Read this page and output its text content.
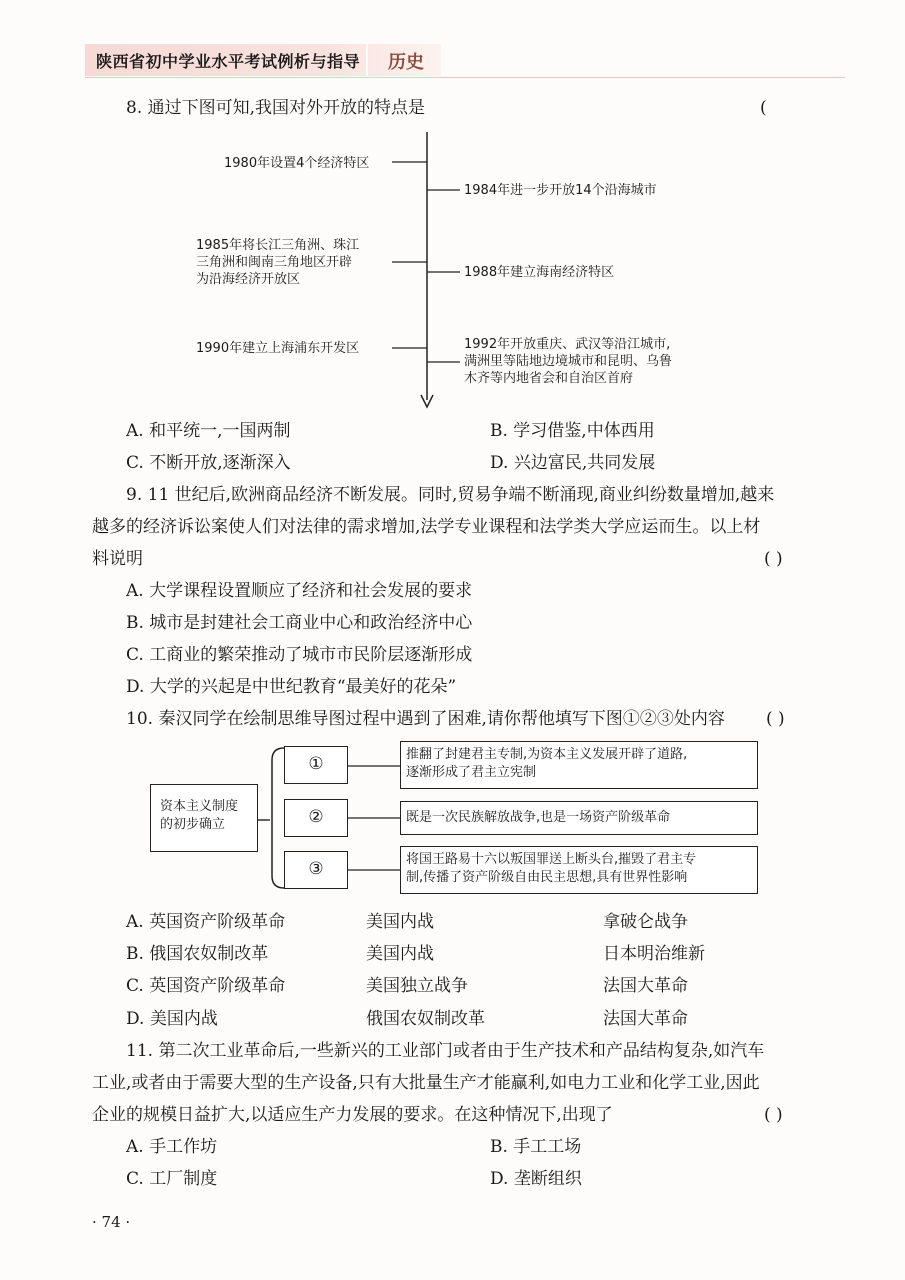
陕西省初中学业水平考试例析与指导 历史
8. 通过下图可知,我国对外开放的特点是	(
1980年设置4个经济特区
1985年将长江三角洲、珠江
三角洲和闽南三角地区开辟
为沿海经济开放区
1990年建立上海浦东开发区
1984年进一步开放14个沿海城市
1988年建立海南经济特区
1992年开放重庆、武汉等沿江城市,
满洲里等陆地边境城市和昆明、乌鲁
木齐等内地省会和自治区首府
A. 和平统一,一国两制	B. 学习借鉴,中体西用
C. 不断开放,逐渐深入	D. 兴边富民,共同发展
9. 11 世纪后,欧洲商品经济不断发展。同时,贸易争端不断涌现,商业纠纷数量增加,越来
越多的经济诉讼案使人们对法律的需求增加,法学专业课程和法学类大学应运而生。以上材
料说明	( )
A. 大学课程设置顺应了经济和社会发展的要求
B. 城市是封建社会工商业中心和政治经济中心
C. 工商业的繁荣推动了城市市民阶层逐渐形成
D. 大学的兴起是中世纪教育“最美好的花朵”
10. 秦汉同学在绘制思维导图过程中遇到了困难,请你帮他填写下图①②③处内容 ( )
资本主义制度
的初步确立
①
②
③
推翻了封建君主专制,为资本主义发展开辟了道路,
逐渐形成了君主立宪制
既是一次民族解放战争,也是一场资产阶级革命
将国王路易十六以叛国罪送上断头台,摧毁了君主专
制,传播了资产阶级自由民主思想,具有世界性影响
A. 英国资产阶级革命	美国内战	拿破仑战争
B. 俄国农奴制改革	美国内战	日本明治维新
C. 英国资产阶级革命	美国独立战争	法国大革命
D. 美国内战	俄国农奴制改革	法国大革命
11. 第二次工业革命后,一些新兴的工业部门或者由于生产技术和产品结构复杂,如汽车
工业,或者由于需要大型的生产设备,只有大批量生产才能赢利,如电力工业和化学工业,因此
企业的规模日益扩大,以适应生产力发展的要求。在这种情况下,出现了	( )
A. 手工作坊	B. 手工工场
C. 工厂制度	D. 垄断组织
· 74 ·
